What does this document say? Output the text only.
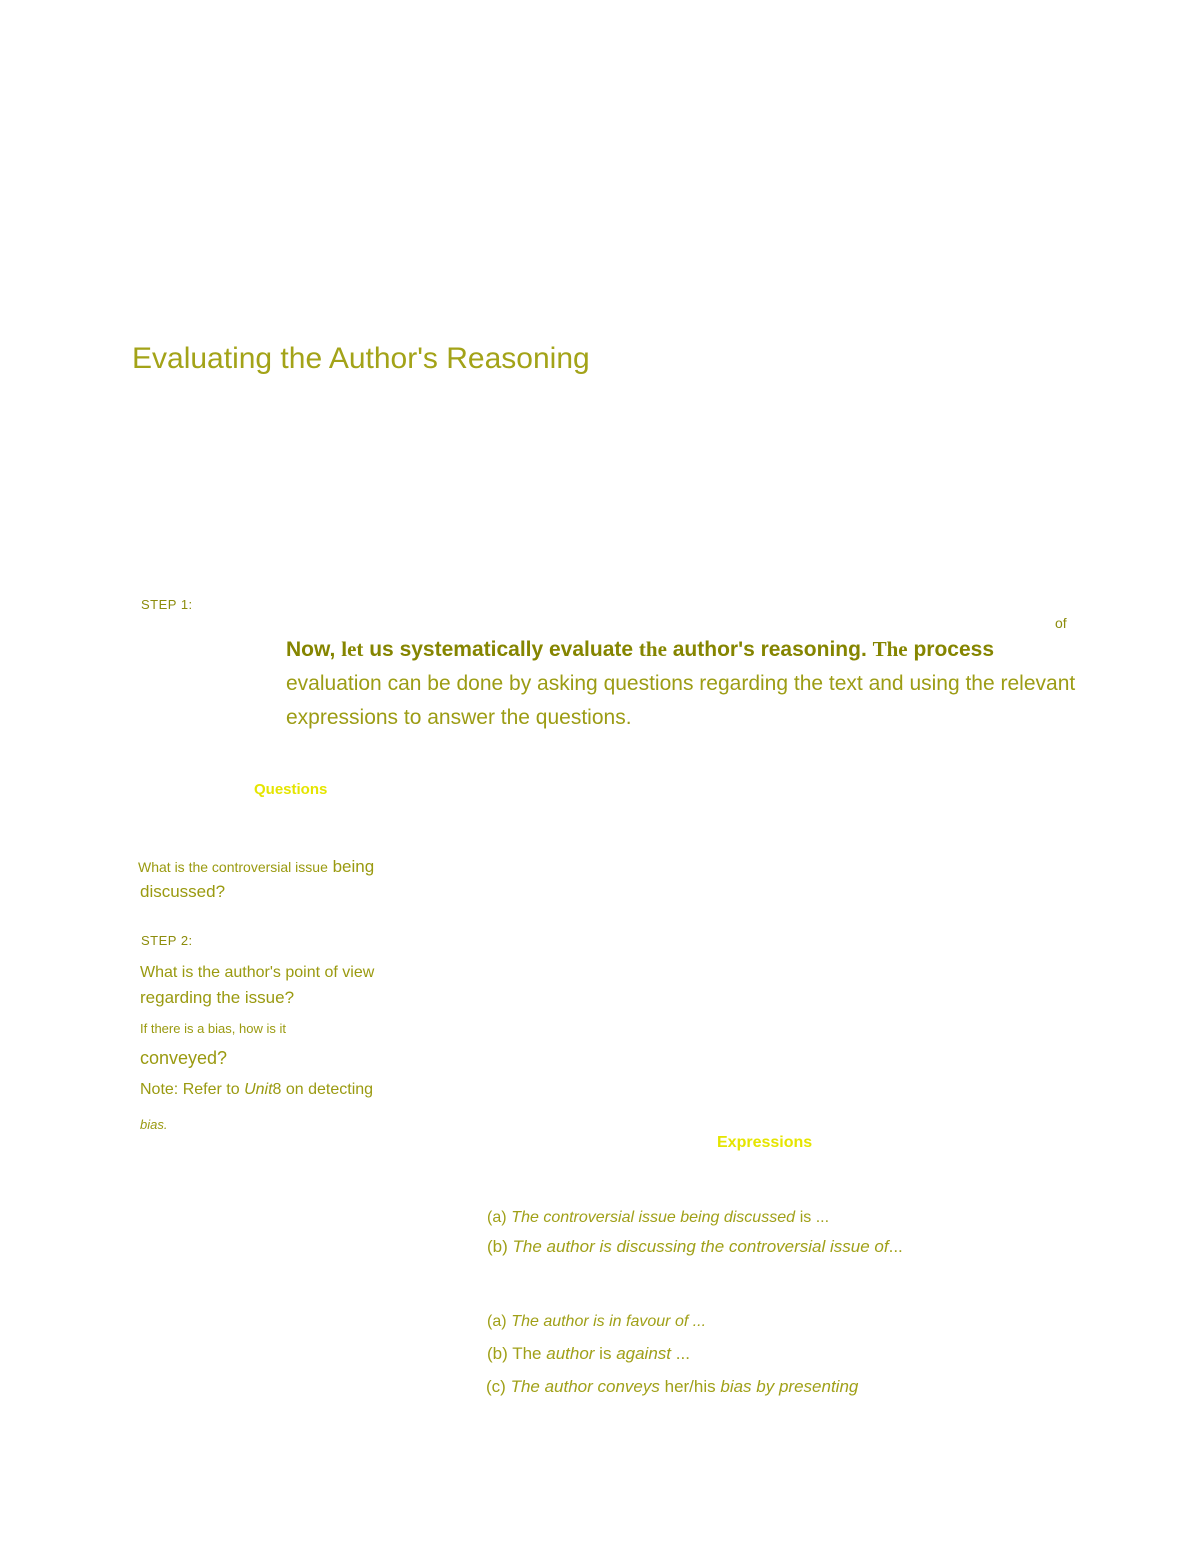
Evaluating the Author's Reasoning
STEP 1:
of
Now, let us systematically evaluate the author's reasoning. The process evaluation can be done by asking questions regarding the text and using the relevant expressions to answer the questions.
Questions
What is the controversial issue being
discussed?
STEP 2:
What is the author's point of view
regarding the issue?
If there is a bias, how is it
conveyed?
Note: Refer to Unit8 on detecting
bias.
Expressions
(a) The controversial issue being discussed is ...
(b) The author is discussing the controversial issue of...
(a) The author is in favour of ...
(b) The author is against ...
(c) The author conveys her/his bias by presenting
